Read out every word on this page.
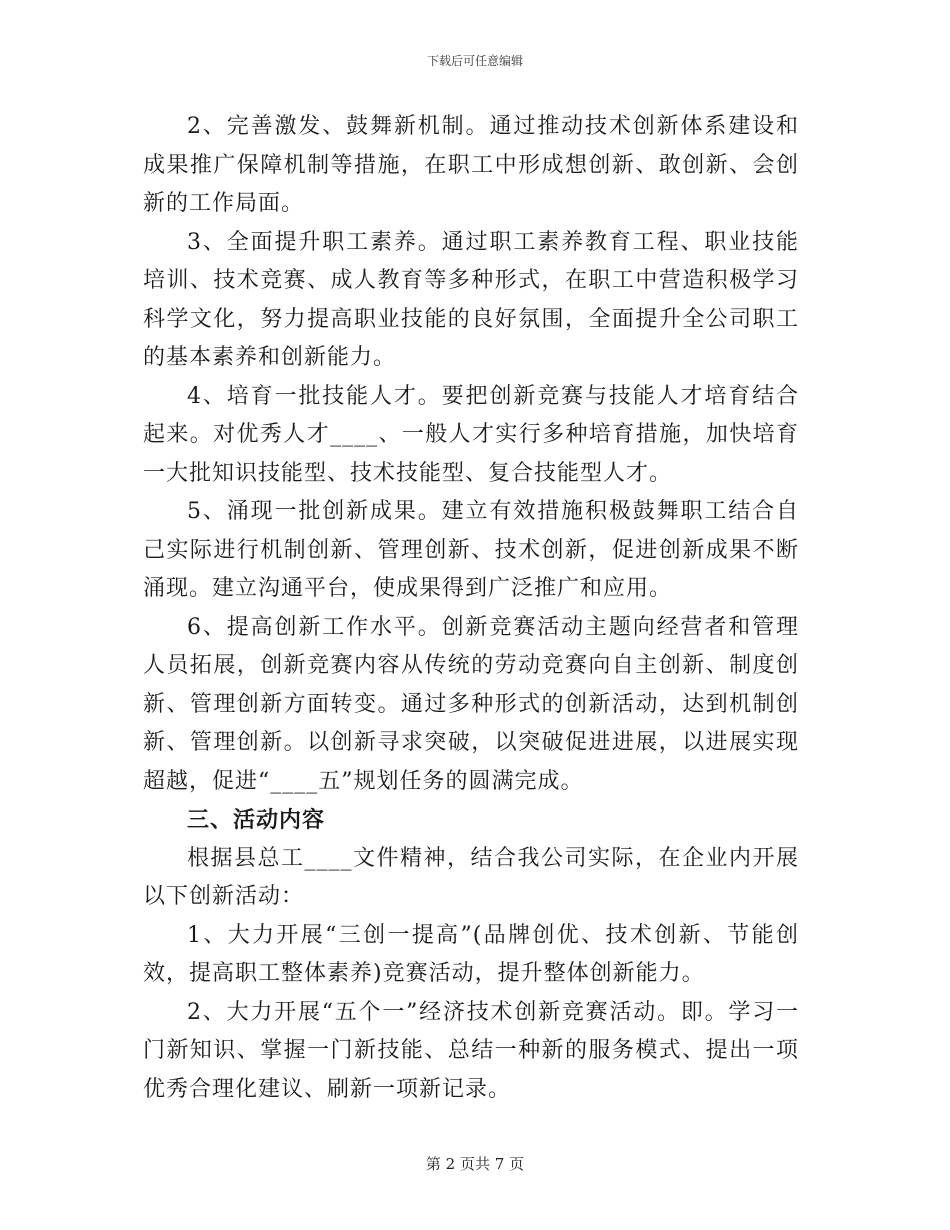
下载后可任意编辑

2、完善激发、鼓舞新机制。通过推动技术创新体系建设和成果推广保障机制等措施，在职工中形成想创新、敢创新、会创新的工作局面。

3、全面提升职工素养。通过职工素养教育工程、职业技能培训、技术竞赛、成人教育等多种形式，在职工中营造积极学习科学文化，努力提高职业技能的良好氛围，全面提升全公司职工的基本素养和创新能力。

4、培育一批技能人才。要把创新竞赛与技能人才培育结合起来。对优秀人才____、一般人才实行多种培育措施，加快培育一大批知识技能型、技术技能型、复合技能型人才。

5、涌现一批创新成果。建立有效措施积极鼓舞职工结合自己实际进行机制创新、管理创新、技术创新，促进创新成果不断涌现。建立沟通平台，使成果得到广泛推广和应用。

6、提高创新工作水平。创新竞赛活动主题向经营者和管理人员拓展，创新竞赛内容从传统的劳动竞赛向自主创新、制度创新、管理创新方面转变。通过多种形式的创新活动，达到机制创新、管理创新。以创新寻求突破，以突破促进进展，以进展实现超越，促进“____五”规划任务的圆满完成。

三、活动内容

根据县总工____文件精神，结合我公司实际，在企业内开展以下创新活动：

1、大力开展“三创一提高”(品牌创优、技术创新、节能创效，提高职工整体素养)竞赛活动，提升整体创新能力。

2、大力开展“五个一”经济技术创新竞赛活动。即。学习一门新知识、掌握一门新技能、总结一种新的服务模式、提出一项优秀合理化建议、刷新一项新记录。

第 2 页共 7 页
